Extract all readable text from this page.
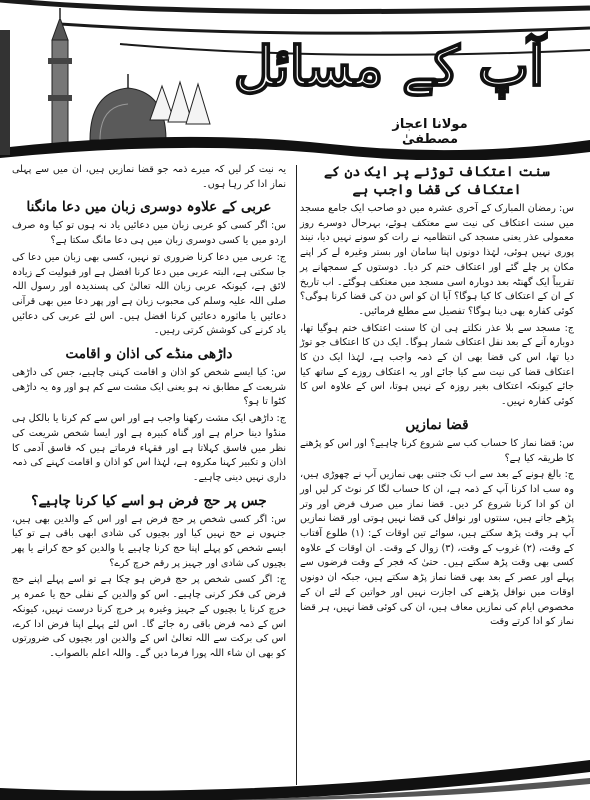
آپ کے مسائل
مولانا اعجاز مصطفیٰ
سنت اعتکاف توڑنے پر ایک دن کے اعتکاف کی قضا واجب ہے

س: رمضان المبارک کے آخری عشرہ میں دو صاحب ایک جامع مسجد میں سنت اعتکاف کی نیت سے معتکف ہوئے، بہرحال دوسرے روز معمولی عذر یعنی مسجد کی انتظامیہ نے رات کو سونے نہیں دیا، نیند پوری نہیں ہوئی، لہٰذا دونوں اپنا سامان اور بستر وغیرہ لے کر اپنے مکان پر چلے گئے اور اعتکاف ختم کر دیا۔ دوستوں کے سمجھانے پر تقریباً ایک گھنٹہ بعد دوبارہ اسی مسجد میں معتکف ہوگئے۔ اب تاریخ کے ان کے اعتکاف کا کیا ہوگا؟ آیا ان کو اس دن کی قضا کرنا ہوگی؟ کوئی کفارہ بھی دینا ہوگا؟ تفصیل سے مطلع فرمائیں۔

ج: مسجد سے بلا عذر نکلتے ہی ان کا سنت اعتکاف ختم ہوگیا تھا، دوبارہ آنے کے بعد نفل اعتکاف شمار ہوگا۔ ایک دن کا اعتکاف جو توڑ دیا تھا، اس کی قضا بھی ان کے ذمہ واجب ہے، لہٰذا ایک دن کا اعتکاف قضا کی نیت سے کیا جائے اور یہ اعتکاف روزے کے ساتھ کیا جائے کیونکہ اعتکاف بغیر روزہ کے نہیں ہوتا، اس کے علاوہ اس کا کوئی کفارہ نہیں۔

قضا نمازیں

س: قضا نماز کا حساب کب سے شروع کرنا چاہیے؟ اور اس کو پڑھنے کا طریقہ کیا ہے؟

ج: بالغ ہونے کے بعد سے اب تک جتنی بھی نمازیں آپ نے چھوڑی ہیں، وہ سب ادا کرنا آپ کے ذمہ ہے، ان کا حساب لگا کر نوٹ کر لیں اور ان کو ادا کرنا شروع کر دیں۔ قضا نماز میں صرف فرض اور وتر پڑھے جاتے ہیں، سنتوں اور نوافل کی قضا نہیں ہوتی اور قضا نمازیں آپ ہر وقت پڑھ سکتے ہیں، سوائے تین اوقات کے: (۱) طلوع آفتاب کے وقت، (۲) غروب کے وقت، (۳) زوال کے وقت۔ ان اوقات کے علاوہ کسی بھی وقت پڑھ سکتے ہیں۔ حتیٰ کہ فجر کے وقت فرضوں سے پہلے اور عصر کے بعد بھی قضا نماز پڑھ سکتے ہیں، جبکہ ان دونوں اوقات میں نوافل پڑھنے کی اجازت نہیں اور خواتین کے لئے ان کے مخصوص ایام کی نمازیں معاف ہیں، ان کی کوئی قضا نہیں، ہر قضا نماز کو ادا کرتے وقت

یہ نیت کر لیں کہ میرے ذمہ جو قضا نمازیں ہیں، ان میں سے پہلی نماز ادا کر رہا ہوں۔

عربی کے علاوہ دوسری زبان میں دعا مانگنا

س: اگر کسی کو عربی زبان میں دعائیں یاد نہ ہوں تو کیا وہ صرف اردو میں یا کسی دوسری زبان میں ہی دعا مانگ سکتا ہے؟

ج: عربی میں دعا کرنا ضروری تو نہیں، کسی بھی زبان میں دعا کی جا سکتی ہے، البتہ عربی میں دعا کرنا افضل ہے اور قبولیت کے زیادہ لائق ہے، کیونکہ عربی زبان اللہ تعالیٰ کی پسندیدہ اور رسول اللہ صلی اللہ علیہ وسلم کی محبوب زبان ہے اور پھر دعا میں بھی قرآنی دعائیں یا ماثورہ دعائیں کرنا افضل ہیں۔ اس لئے عربی کی دعائیں یاد کرنے کی کوشش کرتی رہیں۔

داڑھی منڈے کی اذان و اقامت

س: کیا ایسے شخص کو اذان و اقامت کہنی چاہیے، جس کی داڑھی شریعت کے مطابق نہ ہو یعنی ایک مشت سے کم ہو اور وہ یہ داڑھی کٹوا تا ہو؟

ج: داڑھی ایک مشت رکھنا واجب ہے اور اس سے کم کرنا یا بالکل ہی منڈوا دینا حرام ہے اور گناہ کبیرہ ہے اور ایسا شخص شریعت کی نظر میں فاسق کہلاتا ہے اور فقہاء فرماتے ہیں کہ فاسق آدمی کا اذان و تکبیر کہنا مکروہ ہے، لہٰذا اس کو اذان و اقامت کہنے کی ذمہ داری نہیں دینی چاہیے۔

جس پر حج فرض ہو اسے کیا کرنا چاہیے؟

س: اگر کسی شخص پر حج فرض ہے اور اس کے والدین بھی ہیں، جنہوں نے حج نہیں کیا اور بچیوں کی شادی ابھی باقی ہے تو کیا ایسے شخص کو پہلے اپنا حج کرنا چاہیے یا والدین کو حج کرانے یا پھر بچیوں کی شادی اور جہیز پر رقم خرچ کرے؟

ج: اگر کسی شخص پر حج فرض ہو چکا ہے تو اسے پہلے اپنے حج فرض کی فکر کرنی چاہیے۔ اس کو والدین کے نفلی حج یا عمرہ پر خرچ کرنا یا بچیوں کے جہیز وغیرہ پر خرچ کرنا درست نہیں، کیونکہ اس کے ذمہ فرض باقی رہ جائے گا۔ اس لئے پہلے اپنا فرض ادا کرے، اس کی برکت سے اللہ تعالیٰ اس کے والدین اور بچیوں کی ضرورتوں کو بھی ان شاء اللہ پورا فرما دیں گے۔ واللہ اعلم بالصواب۔
